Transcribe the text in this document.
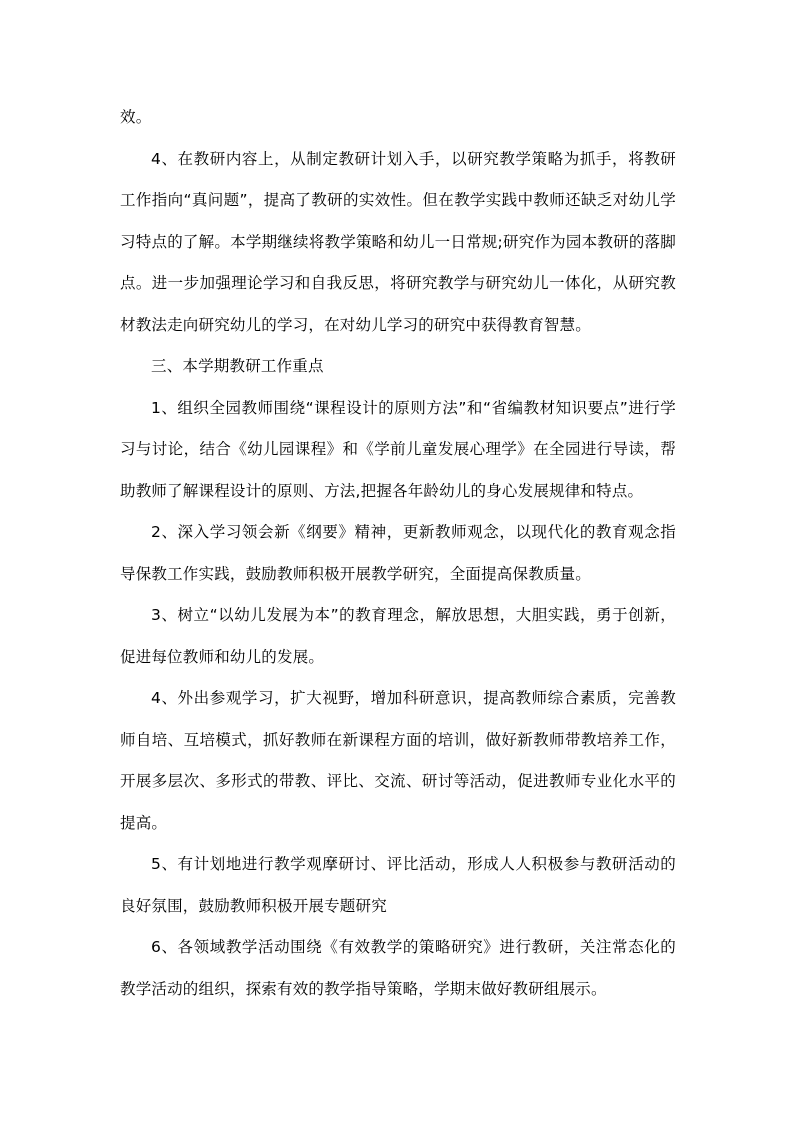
效。

4、在教研内容上，从制定教研计划入手，以研究教学策略为抓手，将教研工作指向“真问题”，提高了教研的实效性。但在教学实践中教师还缺乏对幼儿学习特点的了解。本学期继续将教学策略和幼儿一日常规;研究作为园本教研的落脚点。进一步加强理论学习和自我反思，将研究教学与研究幼儿一体化，从研究教材教法走向研究幼儿的学习，在对幼儿学习的研究中获得教育智慧。

三、本学期教研工作重点

1、组织全园教师围绕“课程设计的原则方法”和“省编教材知识要点”进行学习与讨论，结合《幼儿园课程》和《学前儿童发展心理学》在全园进行导读，帮助教师了解课程设计的原则、方法,把握各年龄幼儿的身心发展规律和特点。

2、深入学习领会新《纲要》精神，更新教师观念，以现代化的教育观念指导保教工作实践，鼓励教师积极开展教学研究，全面提高保教质量。

3、树立“以幼儿发展为本”的教育理念，解放思想，大胆实践，勇于创新，促进每位教师和幼儿的发展。

4、外出参观学习，扩大视野，增加科研意识，提高教师综合素质，完善教师自培、互培模式，抓好教师在新课程方面的培训，做好新教师带教培养工作，开展多层次、多形式的带教、评比、交流、研讨等活动，促进教师专业化水平的提高。

5、有计划地进行教学观摩研讨、评比活动，形成人人积极参与教研活动的良好氛围，鼓励教师积极开展专题研究

6、各领域教学活动围绕《有效教学的策略研究》进行教研，关注常态化的教学活动的组织，探索有效的教学指导策略，学期末做好教研组展示。
